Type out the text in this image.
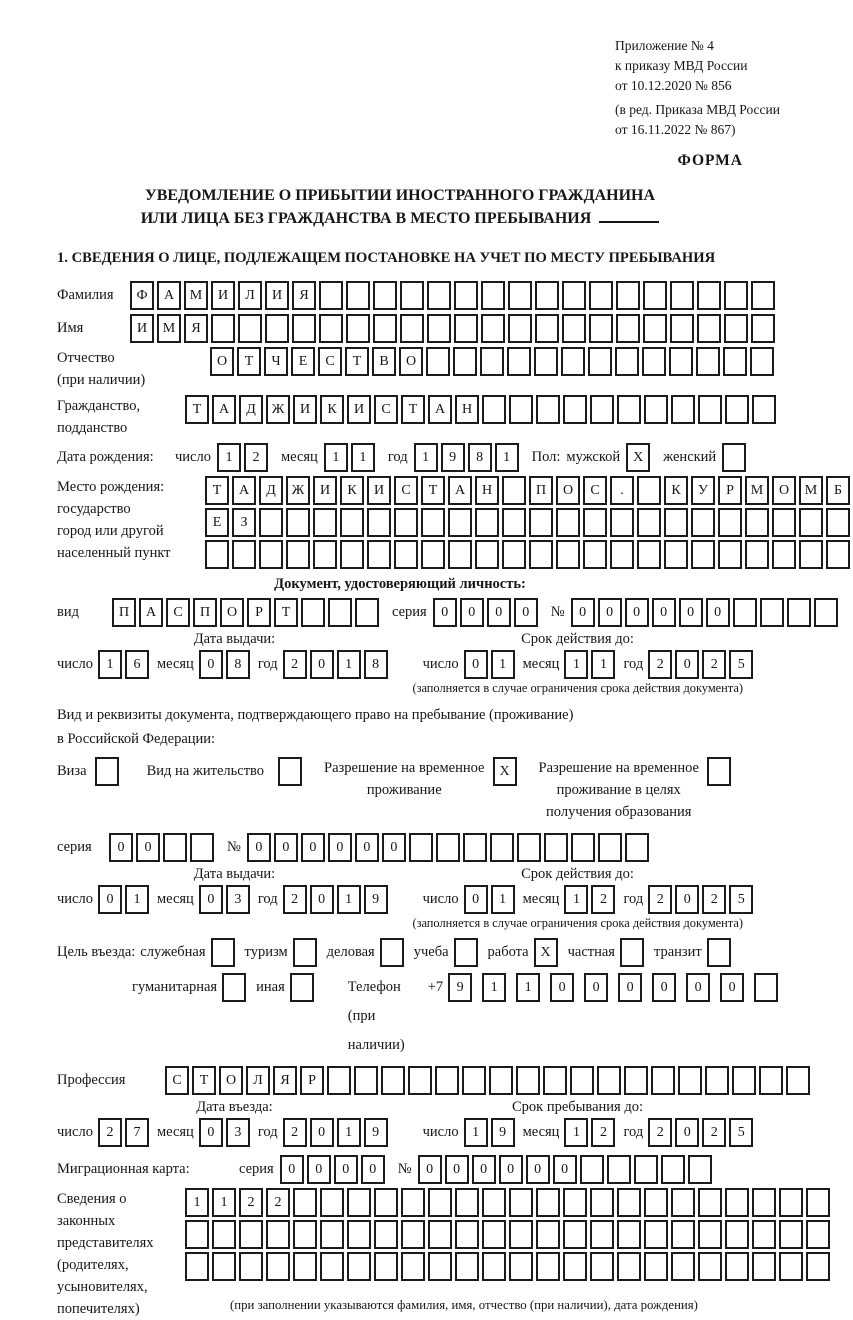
Приложение № 4
к приказу МВД России
от 10.12.2020 № 856
(в ред. Приказа МВД России
от 16.11.2022 № 867)
ФОРМА
УВЕДОМЛЕНИЕ О ПРИБЫТИИ ИНОСТРАННОГО ГРАЖДАНИНА
ИЛИ ЛИЦА БЕЗ ГРАЖДАНСТВА В МЕСТО ПРЕБЫВАНИЯ
1. СВЕДЕНИЯ О ЛИЦЕ, ПОДЛЕЖАЩЕМ ПОСТАНОВКЕ НА УЧЕТ ПО МЕСТУ ПРЕБЫВАНИЯ
Фамилия	Ф	А	М	И	Л	И	Я
Имя	И	М	Я
Отчество
(при наличии)
О	Т	Ч	Е	С	Т	В	О
Гражданство,
подданство
Т	А	Д	Ж	И	К	И	С	Т	А	Н
Дата рождения:	число	1	2	месяц	1	1	год	1	9	8	1	Пол: мужской X	женский
Место рождения:
государство
город или другой
населенный пункт
Т	А	Д	Ж	И	К	И	С	Т	А	Н	П	О	С	.	К	У	Р	М	О	М	Б
Е	З
Документ, удостоверяющий личность:
вид	П	А	С	П	О	Р	Т	серия	0	0	0	0	№	0	0	0	0	0	0
Дата выдачи:	Срок действия до:
число 1	6	месяц 0	8	год 2	0	1	8	число 0	1	месяц 1	1	год 2	0	2	5
(заполняется в случае ограничения срока действия документа)
Вид и реквизиты документа, подтверждающего право на пребывание (проживание)
в Российской Федерации:
Виза	Вид на жительство	Разрешение на временное
проживание
X	Разрешение на временное
проживание в целях
получения образования
серия	0	0	№	0	0	0	0	0	0
Дата выдачи:	Срок действия до:
число 0	1	месяц 0	3	год 2	0	1	9	число 0	1	месяц 1	2	год 2	0	2	5
(заполняется в случае ограничения срока действия документа)
Цель въезда: служебная	туризм	деловая	учеба	работа X	частная	транзит
гуманитарная	иная	Телефон (при наличии)
+7 9	1	1	0	0	0	0	0	0
Профессия	С	Т	О	Л	Я	Р
Дата въезда:	Срок пребывания до:
число 2	7	месяц 0	3	год 2	0	1	9	число 1	9	месяц 1	2	год 2	0	2	5
Миграционная карта:	серия	0	0	0	0	№	0	0	0	0	0	0
Сведения о
законных
представителях
(родителях,
усыновителях,
попечителях)
1	1	2	2
(при заполнении указываются фамилия, имя, отчество (при наличии), дата рождения)
